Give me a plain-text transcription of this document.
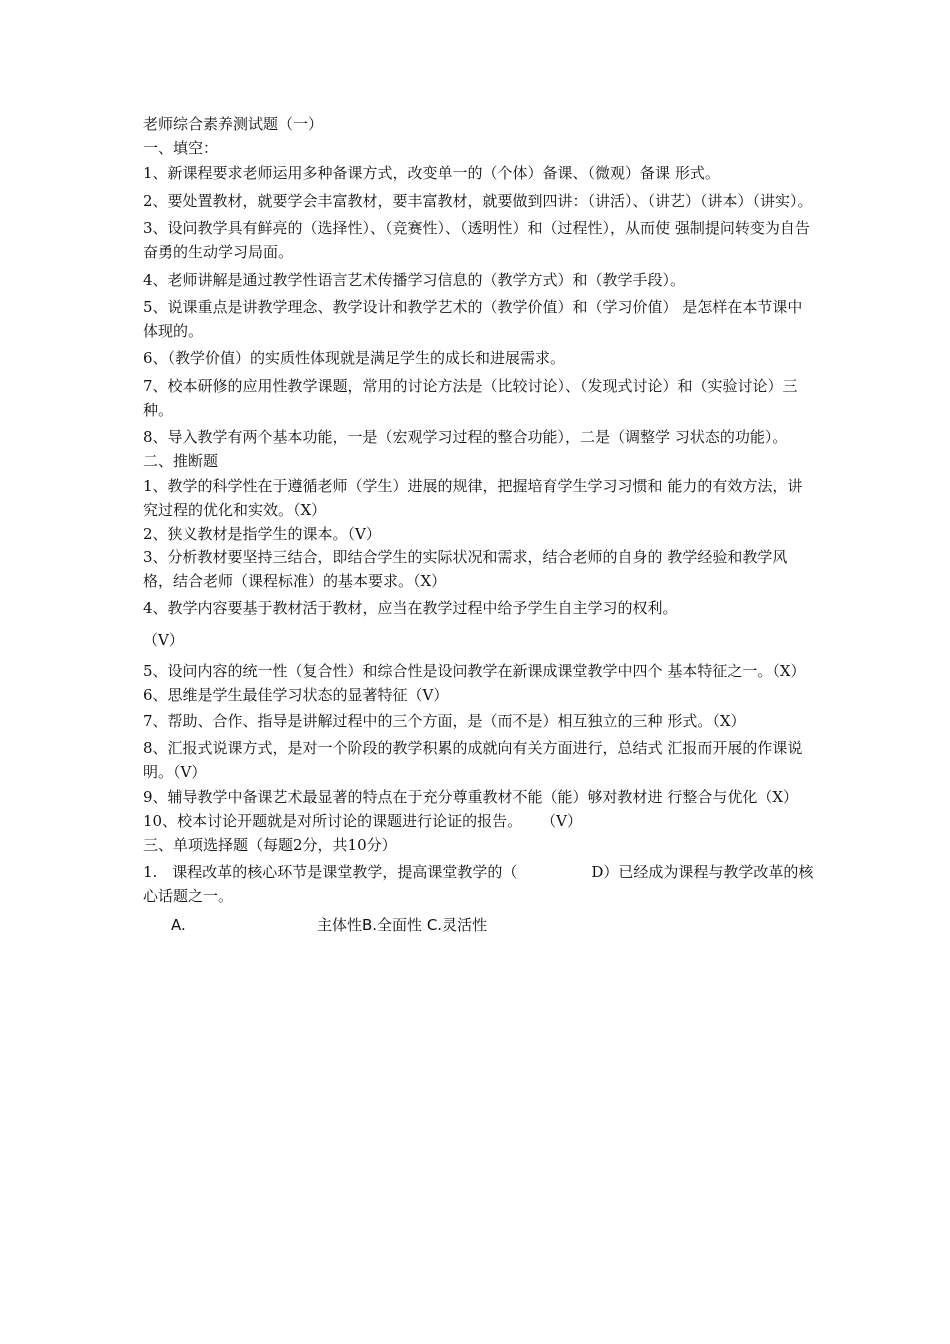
老师综合素养测试题（一）

一、填空：

1、新课程要求老师运用多种备课方式，改变单一的（个体）备课、（微观）备课 形式。

2、要处置教材，就要学会丰富教材，要丰富教材，就要做到四讲：（讲活）、（讲艺）（讲本）（讲实）。

3、设问教学具有鲜亮的（选择性）、（竞赛性）、（透明性）和（过程性），从而使 强制提问转变为自告奋勇的生动学习局面。

4、老师讲解是通过教学性语言艺术传播学习信息的（教学方式）和（教学手段）。

5、说课重点是讲教学理念、教学设计和教学艺术的（教学价值）和（学习价值） 是怎样在本节课中体现的。

6、（教学价值）的实质性体现就是满足学生的成长和进展需求。

7、校本研修的应用性教学课题，常用的讨论方法是（比较讨论）、（发现式讨论）和（实验讨论）三种。

8、导入教学有两个基本功能，一是（宏观学习过程的整合功能），二是（调整学 习状态的功能）。

二、推断题

1、教学的科学性在于遵循老师（学生）进展的规律，把握培育学生学习习惯和 能力的有效方法，讲究过程的优化和实效。（X）

2、狭义教材是指学生的课本。（V）

3、分析教材要坚持三结合，即结合学生的实际状况和需求，结合老师的自身的 教学经验和教学风格，结合老师（课程标准）的基本要求。（X）

4、教学内容要基于教材活于教材，应当在教学过程中给予学生自主学习的权利。

（V）

5、设问内容的统一性（复合性）和综合性是设问教学在新课成课堂教学中四个 基本特征之一。（X）

6、思维是学生最佳学习状态的显著特征（V）

7、帮助、合作、指导是讲解过程中的三个方面，是（而不是）相互独立的三种 形式。（X）

8、汇报式说课方式，是对一个阶段的教学积累的成就向有关方面进行，总结式 汇报而开展的作课说明。（V）

9、辅导教学中备课艺术最显著的特点在于充分尊重教材不能（能）够对教材进 行整合与优化（X）

10、校本讨论开题就是对所讨论的课题进行论证的报告。    （V）

三、单项选择题（每题2分，共10分）

1.　课程改革的核心环节是课堂教学，提高课堂教学的（	D）已经成为课程与教学改革的核心话题之一。

A.	主体性B.全面性 C.灵活性
